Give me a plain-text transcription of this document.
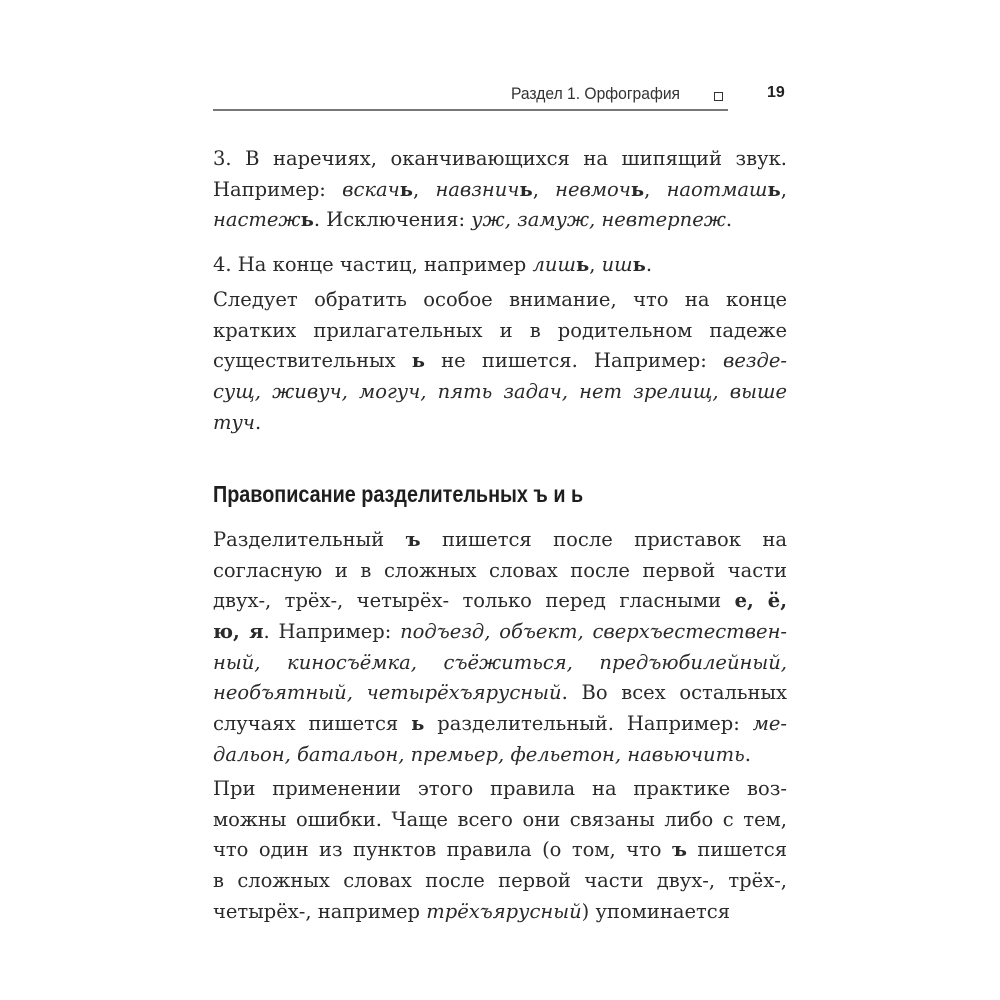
Раздел 1. Орфография	19
3. В наречиях, оканчивающихся на шипящий звук.
Например: вскачь, навзничь, невмочь, наотмашь,
настежь. Исключения: уж, замуж, невтерпеж.
4. На конце частиц, например лишь, ишь.
Следует обратить особое внимание, что на конце
кратких прилагательных и в родительном падеже
существительных ь не пишется. Например: везде-
сущ, живуч, могуч, пять задач, нет зрелищ, выше
туч.
Правописание разделительных ъ и ь
Разделительный ъ пишется после приставок на
согласную и в сложных словах после первой части
двух-, трёх-, четырёх- только перед гласными е, ё,
ю, я. Например: подъезд, объект, сверхъестествен-
ный, киносъёмка, съёжиться, предъюбилейный,
необъятный, четырёхъярусный. Во всех остальных
случаях пишется ь разделительный. Например: ме-
дальон, батальон, премьер, фельетон, навьючить.
При применении этого правила на практике воз-
можны ошибки. Чаще всего они связаны либо с тем,
что один из пунктов правила (о том, что ъ пишется
в сложных словах после первой части двух-, трёх-,
четырёх-, например трёхъярусный) упоминается
